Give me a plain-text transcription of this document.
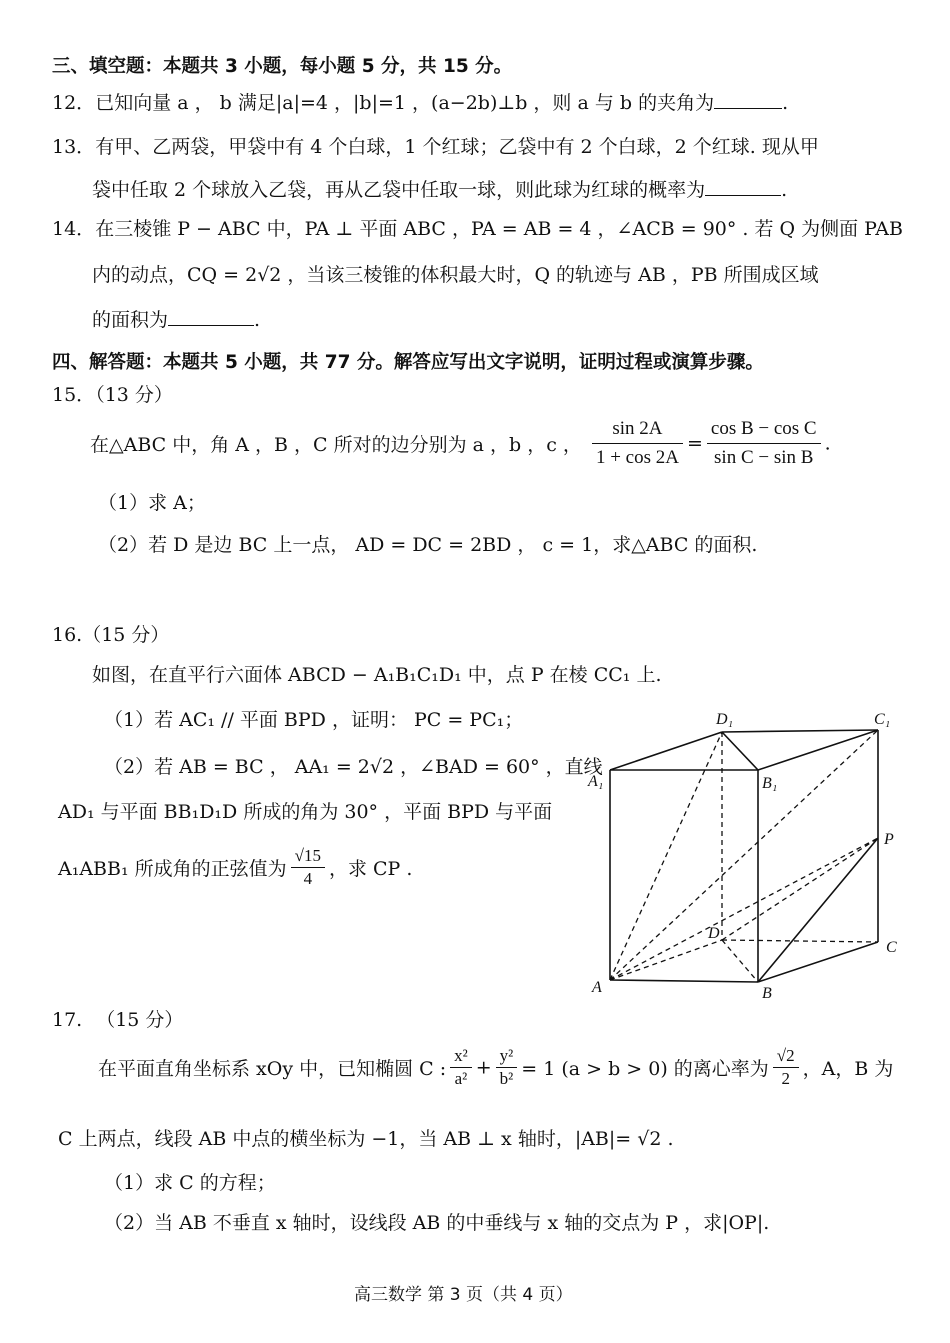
三、填空题：本题共 3 小题，每小题 5 分，共 15 分。
12．已知向量 a ， b 满足|a|=4 ，|b|=1 ，(a−2b)⊥b ，则 a 与 b 的夹角为	.
13．有甲、乙两袋，甲袋中有 4 个白球，1 个红球；乙袋中有 2 个白球，2 个红球. 现从甲
袋中任取 2 个球放入乙袋，再从乙袋中任取一球，则此球为红球的概率为	.
14．在三棱锥 P − ABC 中，PA ⊥ 平面 ABC ，PA = AB = 4 ，∠ACB = 90° . 若 Q 为侧面 PAB
内的动点，CQ = 2√2 ，当该三棱锥的体积最大时，Q 的轨迹与 AB ，PB 所围成区域
的面积为	.
四、解答题：本题共 5 小题，共 77 分。解答应写出文字说明，证明过程或演算步骤。
15．（13 分）
在△ABC 中，角 A ，B ，C 所对的边分别为 a ，b ，c ， $\frac{\sin 2A}{1 + \cos 2A} = \frac{\text{cos B − cos C}}{\text{sin C − sin B}}$ .
（1）求 A；
（2）若 D 是边 BC 上一点， AD = DC = 2BD ， c = 1，求△ABC 的面积.
16.（15 分）
如图，在直平行六面体 ABCD − A₁B₁C₁D₁ 中，点 P 在棱 CC₁ 上.
（1）若 AC₁ // 平面 BPD ，证明： PC = PC₁；
（2）若 AB = BC ， AA₁ = 2√2 ，∠BAD = 60° ，直线
AD₁ 与平面 BB₁D₁D 所成的角为 30° ，平面 BPD 与平面
A₁ABB₁ 所成角的正弦值为 $\frac{√15}{4}$ ，求 CP .
D₁	C₁
A₁	B₁
P
D
C
A	B
17. （15 分）
在平面直角坐标系 xOy 中，已知椭圆 C : $\frac{\text{x²}}{\text{a²}} + \frac{\text{y²}}{\text{b²}} = 1$ (a > b > 0) 的离心率为 $\frac{√2}{2}$ ，A，B 为
C 上两点，线段 AB 中点的横坐标为 −1，当 AB ⊥ x 轴时，|AB|= √2 .
（1）求 C 的方程；
（2）当 AB 不垂直 x 轴时，设线段 AB 的中垂线与 x 轴的交点为 P ，求|OP|.
高三数学 第 3 页（共 4 页）
